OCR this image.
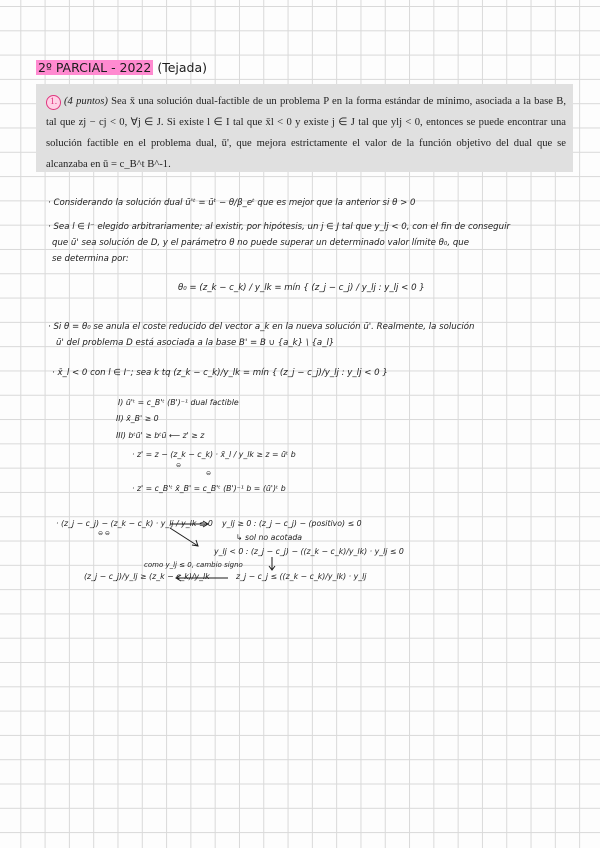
2º PARCIAL - 2022 (Tejada)
1. (4 puntos) Sea x̄ una solución dual-factible de un problema P en la forma estándar de mínimo, asociada a la base B, tal que zj − cj < 0, ∀j ∈ J. Si existe l ∈ I tal que x̄l < 0 y existe j ∈ J tal que ylj < 0, entonces se puede encontrar una solución factible en el problema dual, ū', que mejora estrictamente el valor de la función objetivo del dual que se alcanzaba en ū = c_B^t B^-1.
· Considerando la solución dual ū'ᵗ = ūᵗ − θ/β_eᵗ que es mejor que la anterior si θ > 0
· Sea l ∈ I⁻ elegido arbitrariamente; al existir, por hipótesis, un j ∈ J tal que y_lj < 0, con el fin de conseguir
que ū' sea solución de D, y el parámetro θ no puede superar un determinado valor límite θ₀, que
se determina por:
θ₀ = (z_k − c_k) / y_lk = mín { (z_j − c_j) / y_lj : y_lj < 0 }
· Si θ = θ₀ se anula el coste reducido del vector a_k en la nueva solución ū'. Realmente, la solución
ū' del problema D está asociada a la base B' = B ∪ {a_k} \ {a_l}
· x̄_l < 0 con l ∈ I⁻; sea k tq (z_k − c_k)/y_lk = mín { (z_j − c_j)/y_lj : y_lj < 0 }
I) ū'ᵗ = c_B'ᵗ (B')⁻¹ dual factible
II) x̄_B' ≥ 0
III) bᵗū' ≥ bᵗū ⟵ z' ≥ z
· z' = z − (z_k − c_k) · x̄_l / y_lk ≥ z = ūᵗ b
⊖
⊖
· z' = c_B'ᵗ x̄_B' = c_B'ᵗ (B')⁻¹ b = (ū')ᵗ b
· (z_j − c_j) − (z_k − c_k) · y_lj / y_lk ≤ 0 y_lj ≥ 0 : (z_j − c_j) − (positivo) ≤ 0
↳ sol no acotada
y_lj < 0 : (z_j − c_j) − ((z_k − c_k)/y_lk) · y_lj ≤ 0
como y_lj ≤ 0, cambio signo
(z_j − c_j)/y_lj ≥ (z_k − c_k)/y_lk	z_j − c_j ≤ ((z_k − c_k)/y_lk) · y_lj
⊖ ⊖
